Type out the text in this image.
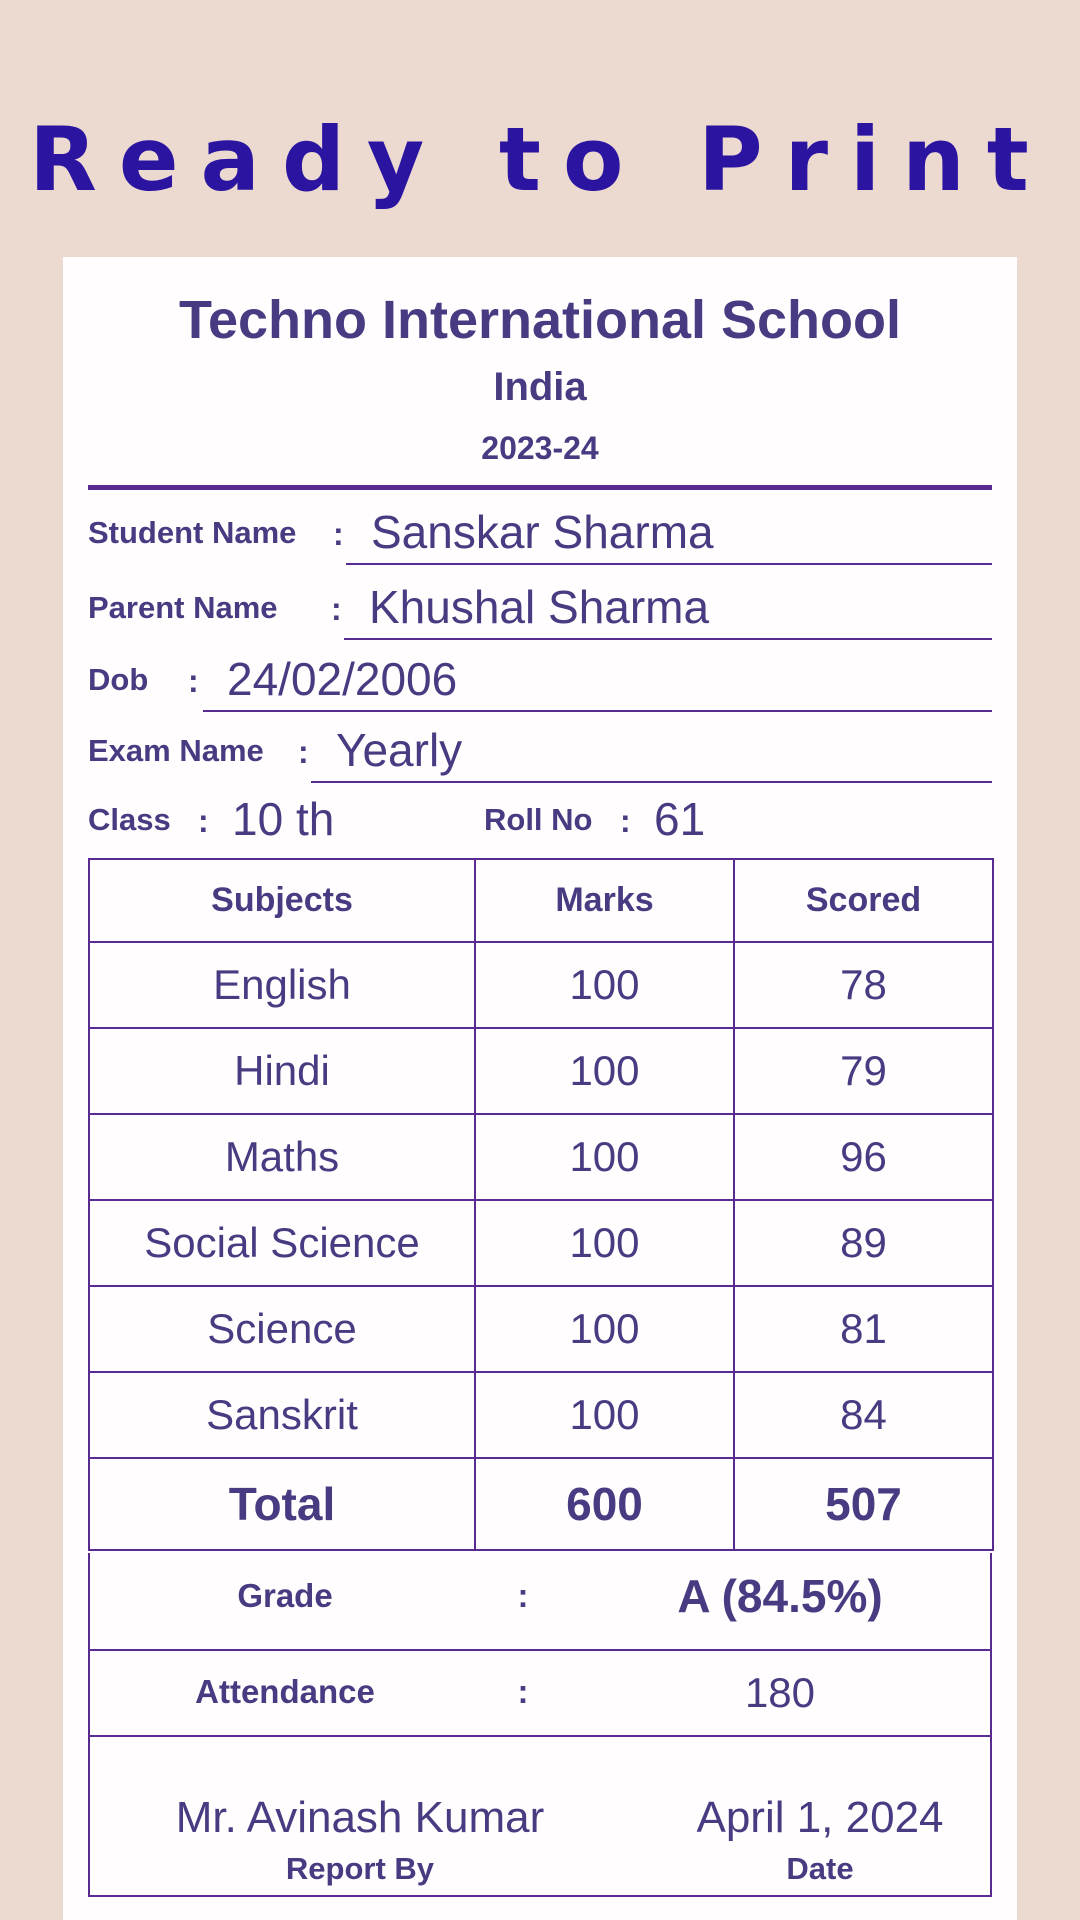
Ready to Print
Techno International School
India
2023-24
Student Name : Sanskar Sharma
Parent Name : Khushal Sharma
Dob : 24/02/2006
Exam Name : Yearly
Class : 10 th	Roll No : 61
Subjects	Marks	Scored
English	100	78
Hindi	100	79
Maths	100	96
Social Science	100	89
Science	100	81
Sanskrit	100	84
Total	600	507
Grade	:	A (84.5%)
Attendance	:	180
Mr. Avinash Kumar
Report By
April 1, 2024
Date
